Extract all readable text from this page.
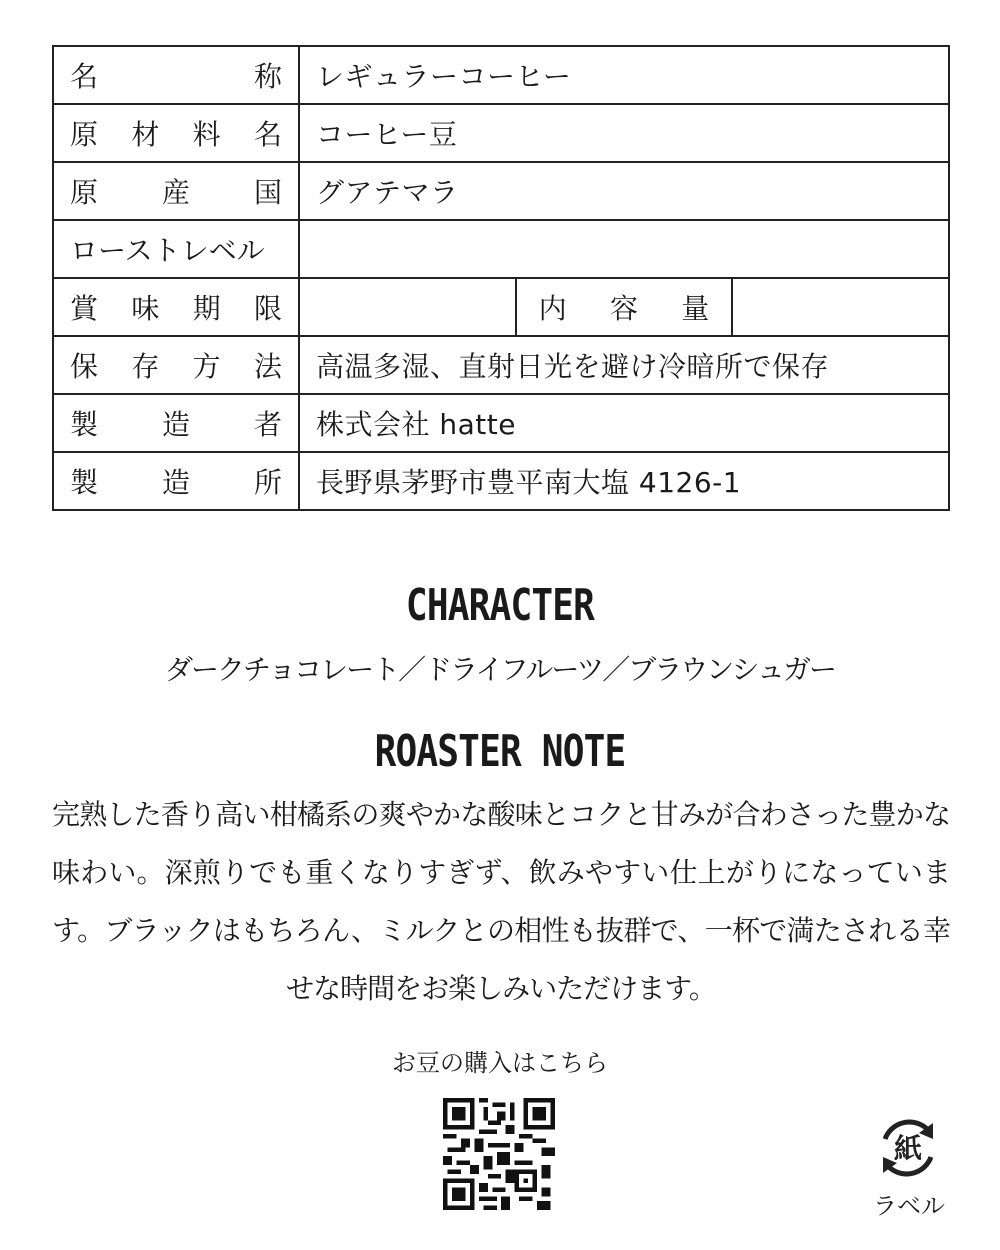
名 称	レギュラーコーヒー		

原 材 料 名	コーヒー豆		

原 産 国	グアテマラ		
ローストレベル			

賞 味 期 限		内 容 量	

保 存 方 法	高温多湿、直射日光を避け冷暗所で保存		

製 造 者	株式会社 hatte		

製 造 所	長野県茅野市豊平南大塩 4126-1		
CHARACTER
ダークチョコレート／ドライフルーツ／ブラウンシュガー
ROASTER NOTE
完熟した香り高い柑橘系の爽やかな酸味とコクと甘みが合わさった豊かな味わい。深煎りでも重くなりすぎず、飲みやすい仕上がりになっています。ブラックはもちろん、ミルクとの相性も抜群で、一杯で満たされる幸せな時間をお楽しみいただけます。
お豆の購入はこちら
紙
ラベル
